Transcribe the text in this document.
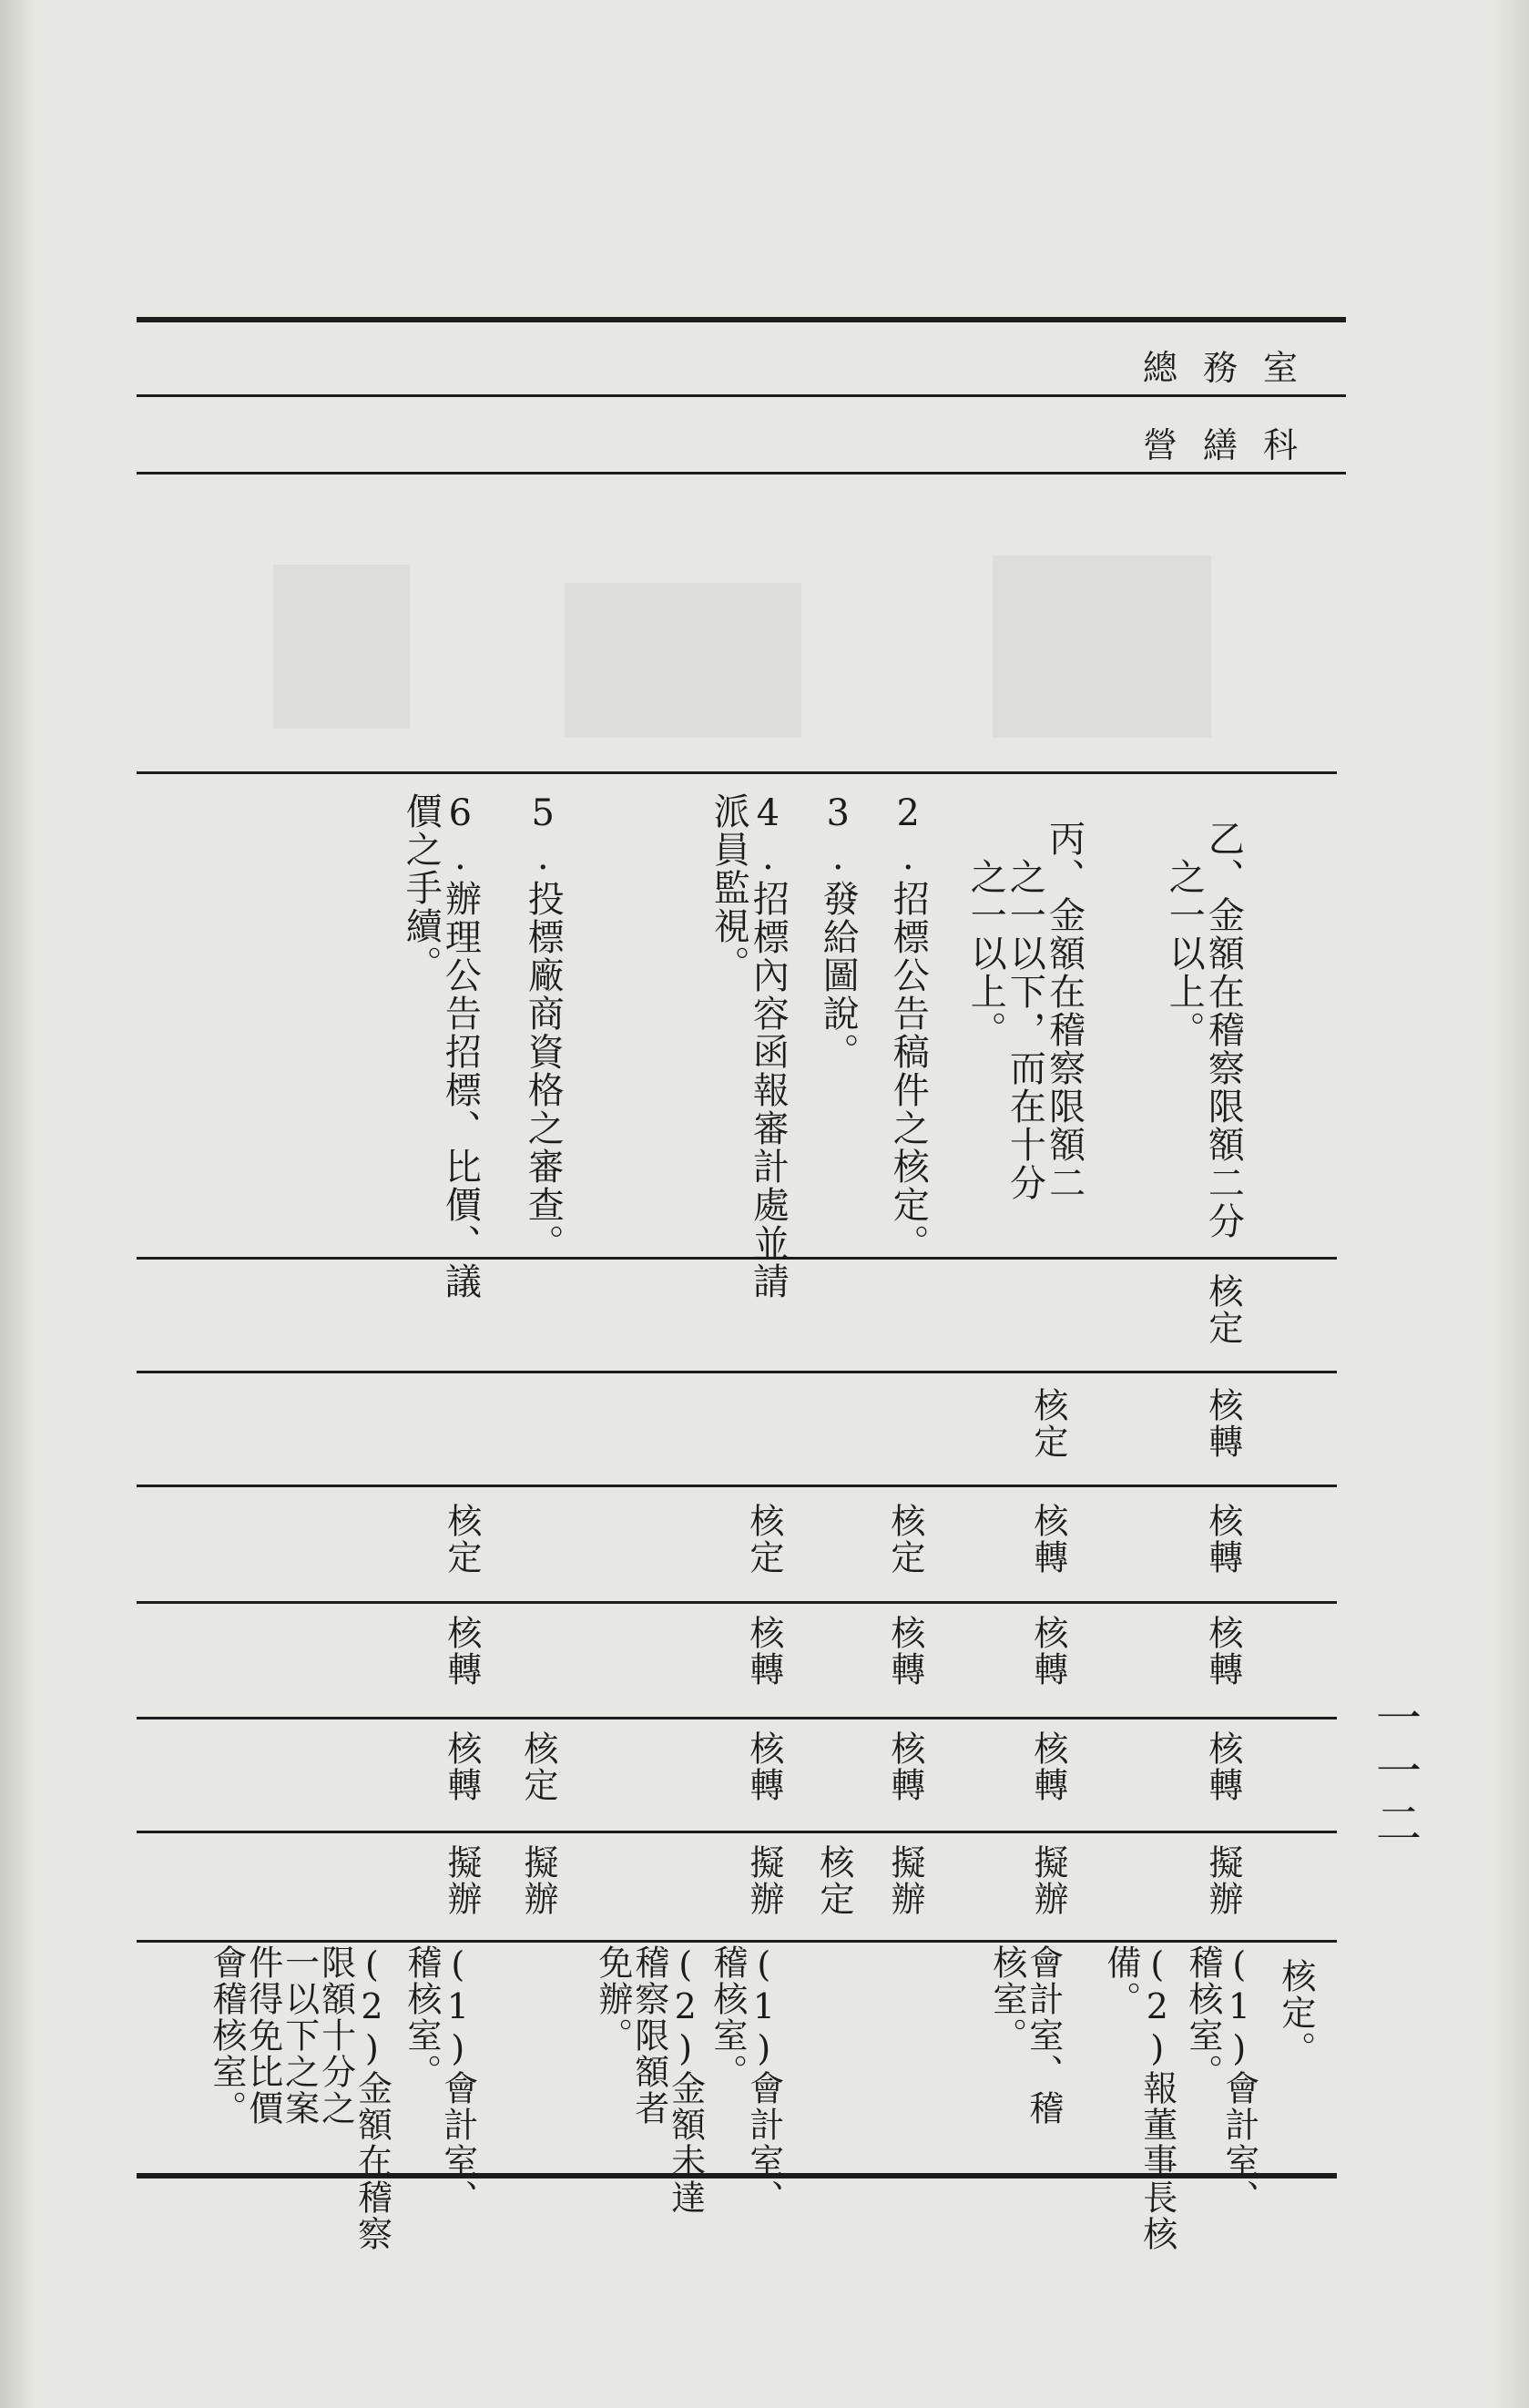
總務室
營繕科
乙、金額在稽察限額二分
　之一以上。
丙、金額在稽察限額二
　之一以下，而在十分
　之一以上。
2.招標公告稿件之核定。
3.發給圖說。
4.招標內容函報審計處並請
派員監視。
5.投標廠商資格之審查。
6.辦理公告招標、比價、議
價之手續。
核定
核轉
核定
核轉
核轉
核定
核定
核定
核轉
核轉
核轉
核轉
核轉
核轉
核轉
核轉
核轉
核定
核轉
擬辦
擬辦
擬辦
核定
擬辦
擬辦
擬辦
核定。
(1)會計室、
稽核室。
(2)報董事長核
備。
會計室、稽
核室。
(1)會計室、
稽核室。
(2)金額未達
稽察限額者
免辦。
(1)會計室、
稽核室。
(2)金額在稽察
限額十分之
一以下之案
件得免比價
會稽核室。
一一二
